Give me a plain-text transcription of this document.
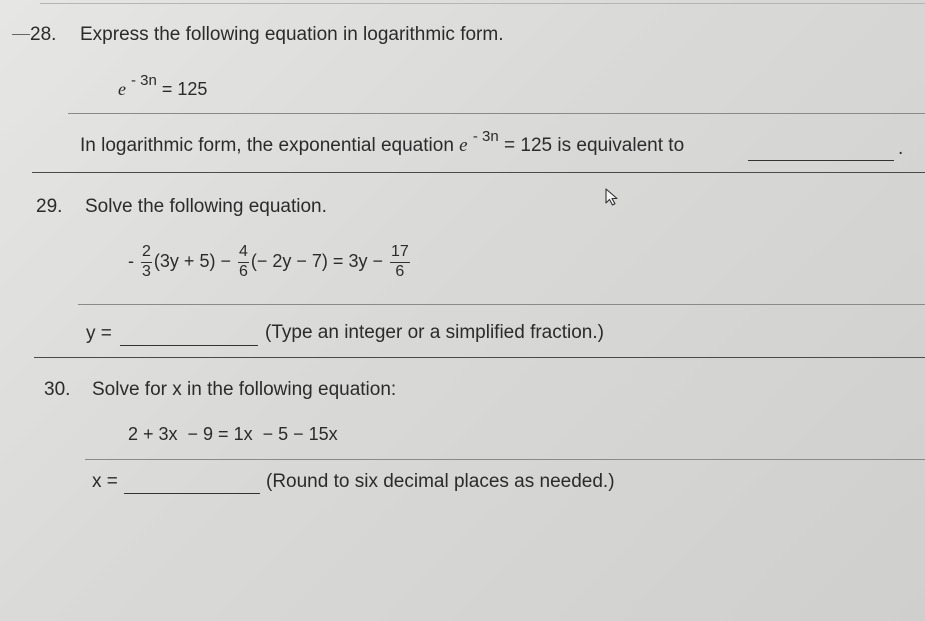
28. Express the following equation in logarithmic form.
e $^{- 3n}$ = 125
In logarithmic form, the exponential equation e $^{- 3n}$ = 125 is equivalent to	.
29. Solve the following equation.
- $\frac{2}{3} (3y + 5) - \frac{4}{6}$ (− $2y - 7) = 3y - \frac{17}{6}$
y =	(Type an integer or a simplified fraction.)
30. Solve for x in the following equation:
2 + 3x  − 9 = 1x  − 5 − 15x
x =	(Round to six decimal places as needed.)
